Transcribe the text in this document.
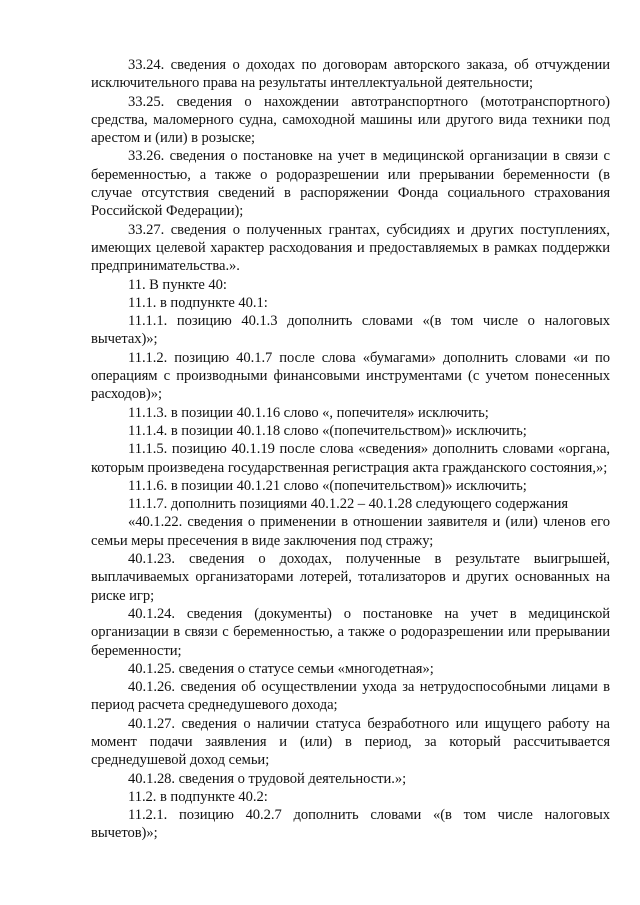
33.24. сведения о доходах по договорам авторского заказа, об отчуждении исключительного права на результаты интеллектуальной деятельности;

33.25. сведения о нахождении автотранспортного (мототранспортного) средства, маломерного судна, самоходной машины или другого вида техники под арестом и (или) в розыске;

33.26. сведения о постановке на учет в медицинской организации в связи с беременностью, а также о родоразрешении или прерывании беременности (в случае отсутствия сведений в распоряжении Фонда социального страхования Российской Федерации);

33.27. сведения о полученных грантах, субсидиях и других поступлениях, имеющих целевой характер расходования и предоставляемых в рамках поддержки предпринимательства.».

11. В пункте 40:

11.1. в подпункте 40.1:

11.1.1. позицию 40.1.3 дополнить словами «(в том числе о налоговых вычетах)»;

11.1.2. позицию 40.1.7 после слова «бумагами» дополнить словами «и по операциям с производными финансовыми инструментами (с учетом понесенных расходов)»;

11.1.3. в позиции 40.1.16 слово «, попечителя» исключить;

11.1.4. в позиции 40.1.18 слово «(попечительством)» исключить;

11.1.5. позицию 40.1.19 после слова «сведения» дополнить словами «органа, которым произведена государственная регистрация акта гражданского состояния,»;

11.1.6. в позиции 40.1.21 слово «(попечительством)» исключить;

11.1.7. дополнить позициями 40.1.22 – 40.1.28 следующего содержания

«40.1.22. сведения о применении в отношении заявителя и (или) членов его семьи меры пресечения в виде заключения под стражу;

40.1.23. сведения о доходах, полученные в результате выигрышей, выплачиваемых организаторами лотерей, тотализаторов и других основанных на риске игр;

40.1.24. сведения (документы) о постановке на учет в медицинской организации в связи с беременностью, а также о родоразрешении или прерывании беременности;

40.1.25. сведения о статусе семьи «многодетная»;

40.1.26. сведения об осуществлении ухода за нетрудоспособными лицами в период расчета среднедушевого дохода;

40.1.27. сведения о наличии статуса безработного или ищущего работу на момент подачи заявления и (или) в период, за который рассчитывается среднедушевой доход семьи;

40.1.28. сведения о трудовой деятельности.»;

11.2. в подпункте 40.2:

11.2.1. позицию 40.2.7 дополнить словами «(в том числе налоговых вычетов)»;
